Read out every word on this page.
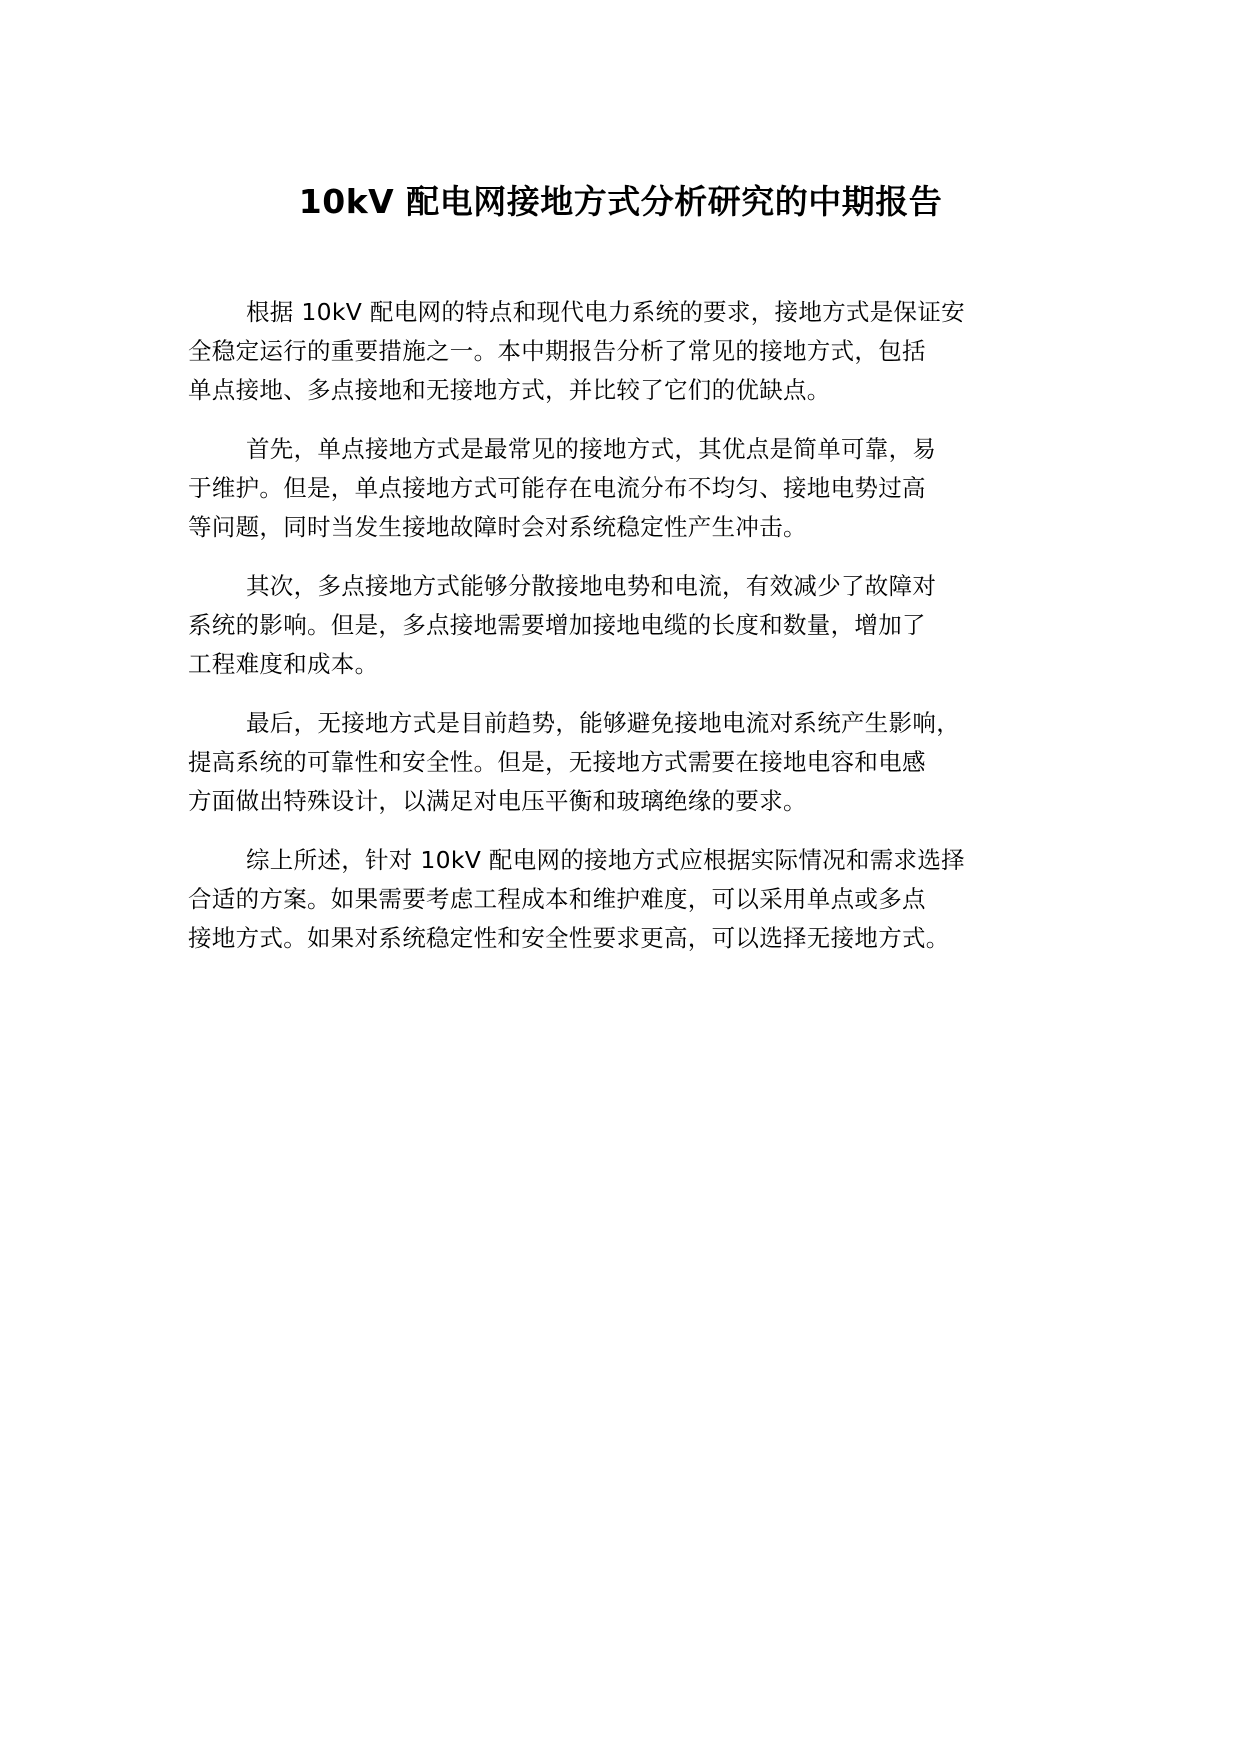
10kV 配电网接地方式分析研究的中期报告

根据 10kV 配电网的特点和现代电力系统的要求，接地方式是保证安
全稳定运行的重要措施之一。本中期报告分析了常见的接地方式，包括
单点接地、多点接地和无接地方式，并比较了它们的优缺点。

首先，单点接地方式是最常见的接地方式，其优点是简单可靠，易
于维护。但是，单点接地方式可能存在电流分布不均匀、接地电势过高
等问题，同时当发生接地故障时会对系统稳定性产生冲击。

其次，多点接地方式能够分散接地电势和电流，有效减少了故障对
系统的影响。但是，多点接地需要增加接地电缆的长度和数量，增加了
工程难度和成本。

最后，无接地方式是目前趋势，能够避免接地电流对系统产生影响，
提高系统的可靠性和安全性。但是，无接地方式需要在接地电容和电感
方面做出特殊设计，以满足对电压平衡和玻璃绝缘的要求。

综上所述，针对 10kV 配电网的接地方式应根据实际情况和需求选择
合适的方案。如果需要考虑工程成本和维护难度，可以采用单点或多点
接地方式。如果对系统稳定性和安全性要求更高，可以选择无接地方式。
